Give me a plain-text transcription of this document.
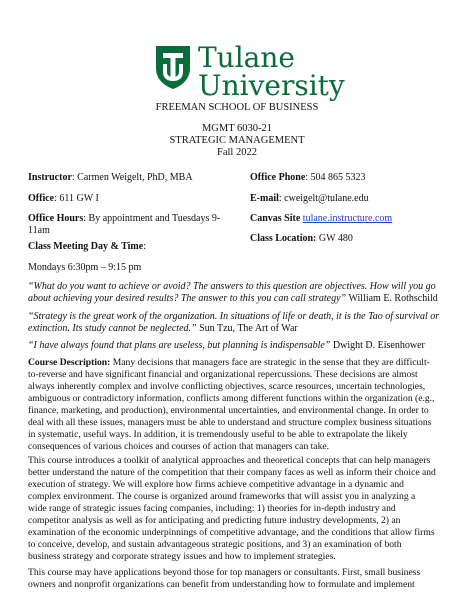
Tulane
University
FREEMAN SCHOOL OF BUSINESS
MGMT 6030-21
STRATEGIC MANAGEMENT
Fall 2022
Instructor: Carmen Weigelt, PhD, MBA
Office: 611 GW I
Office Hours: By appointment and Tuesdays 9-
11am
Class Meeting Day & Time:
Mondays 6:30pm – 9:15 pm
Office Phone: 504 865 5323
E-mail: cweigelt@tulane.edu
Canvas Site tulane.instructure.com
Class Location: GW 480
“What do you want to achieve or avoid? The answers to this question are objectives. How will you go
about achieving your desired results? The answer to this you can call strategy” William E. Rothschild
“Strategy is the great work of the organization. In situations of life or death, it is the Tao of survival or
extinction. Its study cannot be neglected.” Sun Tzu, The Art of War
“I have always found that plans are useless, but planning is indispensable” Dwight D. Eisenhower
Course Description: Many decisions that managers face are strategic in the sense that they are difficult-
to-reverse and have significant financial and organizational repercussions. These decisions are almost
always inherently complex and involve conflicting objectives, scarce resources, uncertain technologies,
ambiguous or contradictory information, conflicts among different functions within the organization (e.g.,
finance, marketing, and production), environmental uncertainties, and environmental change. In order to
deal with all these issues, managers must be able to understand and structure complex business situations
in systematic, useful ways. In addition, it is tremendously useful to be able to extrapolate the likely
consequences of various choices and courses of action that managers can take.
This course introduces a toolkit of analytical approaches and theoretical concepts that can help managers
better understand the nature of the competition that their company faces as well as inform their choice and
execution of strategy. We will explore how firms achieve competitive advantage in a dynamic and
complex environment. The course is organized around frameworks that will assist you in analyzing a
wide range of strategic issues facing companies, including: 1) theories for in-depth industry and
competitor analysis as well as for anticipating and predicting future industry developments, 2) an
examination of the economic underpinnings of competitive advantage, and the conditions that allow firms
to conceive, develop, and sustain advantageous strategic positions, and 3) an examination of both
business strategy and corporate strategy issues and how to implement strategies.
This course may have applications beyond those for top managers or consultants. First, small business
owners and nonprofit organizations can benefit from understanding how to formulate and implement
